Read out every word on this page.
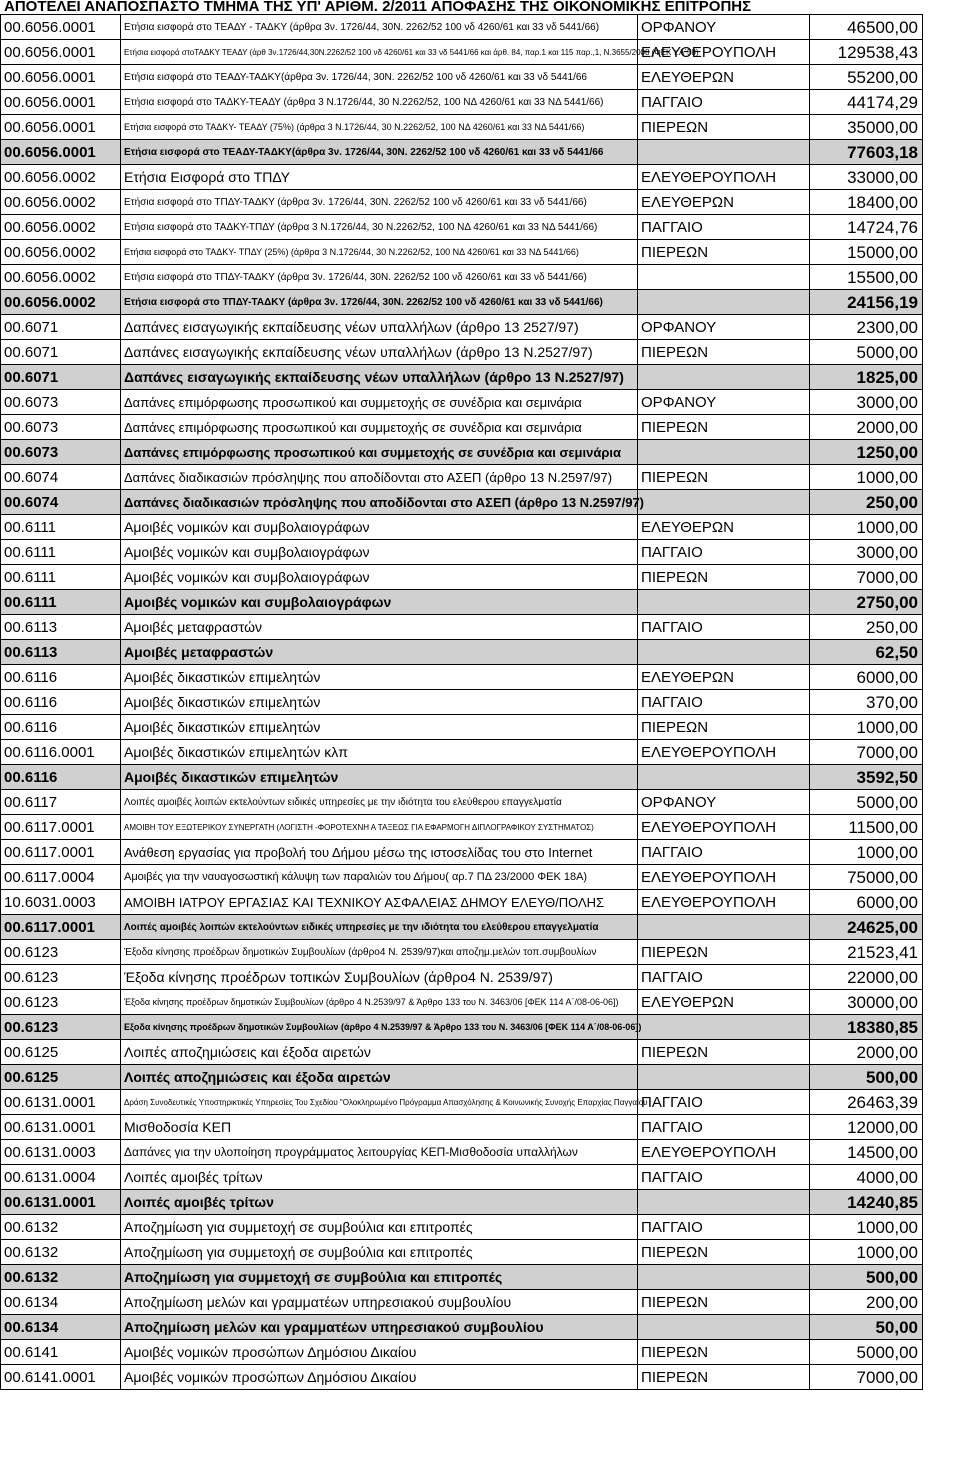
ΑΠΟΤΕΛΕΙ ΑΝΑΠΟΣΠΑΣΤΟ ΤΜΗΜΑ ΤΗΣ ΥΠ' ΑΡΙΘΜ. 2/2011 ΑΠΟΦΑΣΗΣ ΤΗΣ ΟΙΚΟΝΟΜΙΚΗΣ ΕΠΙΤΡΟΠΗΣ
00.6056.0001	Ετήσια εισφορά στο ΤΕΑΔΥ - ΤΑΔΚΥ (άρθρα 3ν. 1726/44, 30Ν. 2262/52 100 νδ 4260/61 και 33 νδ 5441/66)	ΟΡΦΑΝΟΥ	46500,00
00.6056.0001	Ετήσια εισφορά στοΤΑΔΚΥ ΤΕΑΔΥ (άρθ 3ν.1726/44,30Ν.2262/52 100 νδ 4260/61 και 33 νδ 5441/66 και άρθ. 84, παρ.1 και 115 παρ.,1, Ν.3655/2008 (ΦΕΚ τ.Α΄58)	ΕΛΕΥΘΕΡΟΥΠΟΛΗ	129538,43
00.6056.0001	Ετήσια εισφορά στο ΤΕΑΔΥ-ΤΑΔΚΥ(άρθρα 3ν. 1726/44, 30Ν. 2262/52 100 νδ 4260/61 και 33 νδ 5441/66	ΕΛΕΥΘΕΡΩΝ	55200,00
00.6056.0001	Ετήσια εισφορά στο ΤΑΔΚΥ-ΤΕΑΔΥ (άρθρα 3 Ν.1726/44, 30 Ν.2262/52, 100 ΝΔ 4260/61 και 33 ΝΔ 5441/66)	ΠΑΓΓΑΙΟ	44174,29
00.6056.0001	Ετήσια εισφορά στο ΤΑΔΚΥ- ΤΕΑΔΥ (75%) (άρθρα 3 Ν.1726/44, 30 Ν.2262/52, 100 ΝΔ 4260/61 και 33 ΝΔ 5441/66)	ΠΙΕΡΕΩΝ	35000,00
00.6056.0001	Ετήσια εισφορά στο ΤΕΑΔΥ-ΤΑΔΚΥ(άρθρα 3ν. 1726/44, 30Ν. 2262/52 100 νδ 4260/61 και 33 νδ 5441/66		77603,18
00.6056.0002	Ετήσια Εισφορά στο ΤΠΔΥ	ΕΛΕΥΘΕΡΟΥΠΟΛΗ	33000,00
00.6056.0002	Ετήσια εισφορά στο ΤΠΔΥ-ΤΑΔΚΥ (άρθρα 3ν. 1726/44, 30Ν. 2262/52 100 νδ 4260/61 και 33 νδ 5441/66)	ΕΛΕΥΘΕΡΩΝ	18400,00
00.6056.0002	Ετήσια εισφορά στο ΤΑΔΚΥ-ΤΠΔΥ (άρθρα 3 Ν.1726/44, 30 Ν.2262/52, 100 ΝΔ 4260/61 και 33 ΝΔ 5441/66)	ΠΑΓΓΑΙΟ	14724,76
00.6056.0002	Ετήσια εισφορά στο ΤΑΔΚΥ- ΤΠΔΥ (25%) (άρθρα 3 Ν.1726/44, 30 Ν.2262/52, 100 ΝΔ 4260/61 και 33 ΝΔ 5441/66)	ΠΙΕΡΕΩΝ	15000,00
00.6056.0002	Ετήσια εισφορά στο ΤΠΔΥ-ΤΑΔΚΥ (άρθρα 3ν. 1726/44, 30Ν. 2262/52 100 νδ 4260/61 και 33 νδ 5441/66)		15500,00
00.6056.0002	Ετήσια εισφορά στο ΤΠΔΥ-ΤΑΔΚΥ (άρθρα 3ν. 1726/44, 30Ν. 2262/52 100 νδ 4260/61 και 33 νδ 5441/66)		24156,19
00.6071	Δαπάνες εισαγωγικής εκπαίδευσης νέων υπαλλήλων (άρθρο 13 2527/97)	ΟΡΦΑΝΟΥ	2300,00
00.6071	Δαπάνες εισαγωγικής εκπαίδευσης νέων υπαλλήλων (άρθρο 13 Ν.2527/97)	ΠΙΕΡΕΩΝ	5000,00
00.6071	Δαπάνες εισαγωγικής εκπαίδευσης νέων υπαλλήλων (άρθρο 13 Ν.2527/97)		1825,00
00.6073	Δαπάνες επιμόρφωσης προσωπικού και συμμετοχής σε συνέδρια και σεμινάρια	ΟΡΦΑΝΟΥ	3000,00
00.6073	Δαπάνες επιμόρφωσης προσωπικού και συμμετοχής σε συνέδρια και σεμινάρια	ΠΙΕΡΕΩΝ	2000,00
00.6073	Δαπάνες επιμόρφωσης προσωπικού και συμμετοχής σε συνέδρια και σεμινάρια		1250,00
00.6074	Δαπάνες διαδικασιών πρόσληψης που αποδίδονται στο ΑΣΕΠ (άρθρο 13 Ν.2597/97)	ΠΙΕΡΕΩΝ	1000,00
00.6074	Δαπάνες διαδικασιών πρόσληψης που αποδίδονται στο ΑΣΕΠ (άρθρο 13 Ν.2597/97)		250,00
00.6111	Αμοιβές νομικών και συμβολαιογράφων	ΕΛΕΥΘΕΡΩΝ	1000,00
00.6111	Αμοιβές νομικών και συμβολαιογράφων	ΠΑΓΓΑΙΟ	3000,00
00.6111	Αμοιβές νομικών και συμβολαιογράφων	ΠΙΕΡΕΩΝ	7000,00
00.6111	Αμοιβές νομικών και συμβολαιογράφων		2750,00
00.6113	Αμοιβές μεταφραστών	ΠΑΓΓΑΙΟ	250,00
00.6113	Αμοιβές μεταφραστών		62,50
00.6116	Αμοιβές δικαστικών επιμελητών	ΕΛΕΥΘΕΡΩΝ	6000,00
00.6116	Αμοιβές δικαστικών επιμελητών	ΠΑΓΓΑΙΟ	370,00
00.6116	Αμοιβές δικαστικών επιμελητών	ΠΙΕΡΕΩΝ	1000,00
00.6116.0001	Αμοιβές δικαστικών επιμελητών κλπ	ΕΛΕΥΘΕΡΟΥΠΟΛΗ	7000,00
00.6116	Αμοιβές δικαστικών επιμελητών		3592,50
00.6117	Λοιπές αμοιβές λοιπών εκτελούντων ειδικές υπηρεσίες με την ιδιότητα του ελεύθερου επαγγελματία	ΟΡΦΑΝΟΥ	5000,00
00.6117.0001	ΑΜΟΙΒΗ ΤΟΥ ΕΞΩΤΕΡΙΚΟΥ ΣΥΝΕΡΓΑΤΗ (ΛΟΓΙΣΤΗ -ΦΟΡΟΤΕΧΝΗ Α ΤΑΞΕΩΣ ΓΙΑ ΕΦΑΡΜΟΓΗ ΔΙΠΛΟΓΡΑΦΙΚΟΥ ΣΥΣΤΗΜΑΤΟΣ)	ΕΛΕΥΘΕΡΟΥΠΟΛΗ	11500,00
00.6117.0001	Ανάθεση εργασίας για προβολή του Δήμου μέσω της ιστοσελίδας του στο Internet	ΠΑΓΓΑΙΟ	1000,00
00.6117.0004	Αμοιβές για την ναυαγοσωστική κάλυψη των παραλιών του Δήμου( αρ.7 ΠΔ 23/2000 ΦΕΚ 18Α)	ΕΛΕΥΘΕΡΟΥΠΟΛΗ	75000,00
10.6031.0003	ΑΜΟΙΒΗ ΙΑΤΡΟΥ ΕΡΓΑΣΙΑΣ ΚΑΙ ΤΕΧΝΙΚΟΥ ΑΣΦΑΛΕΙΑΣ ΔΗΜΟΥ ΕΛΕΥΘ/ΠΟΛΗΣ	ΕΛΕΥΘΕΡΟΥΠΟΛΗ	6000,00
00.6117.0001	Λοιπές αμοιβές λοιπών εκτελούντων ειδικές υπηρεσίες με την ιδιότητα του ελεύθερου επαγγελματία		24625,00
00.6123	Έξοδα κίνησης προέδρων δημοτικών Συμβουλίων (άρθρο4 Ν. 2539/97)και αποζημ.μελών τοπ.συμβουλίων	ΠΙΕΡΕΩΝ	21523,41
00.6123	Έξοδα κίνησης προέδρων τοπικών Συμβουλίων (άρθρο4 Ν. 2539/97)	ΠΑΓΓΑΙΟ	22000,00
00.6123	Έξοδα κίνησης προέδρων δημοτικών Συμβουλίων (άρθρο 4 Ν.2539/97 & Άρθρο 133 του Ν. 3463/06 [ΦΕΚ 114 Α΄/08-06-06])	ΕΛΕΥΘΕΡΩΝ	30000,00
00.6123	Εξοδα κίνησης προέδρων δημοτικών Συμβουλίων (άρθρο 4 Ν.2539/97 & Άρθρο 133 του Ν. 3463/06 [ΦΕΚ 114 Α΄/08-06-06])		18380,85
00.6125	Λοιπές αποζημιώσεις και έξοδα αιρετών	ΠΙΕΡΕΩΝ	2000,00
00.6125	Λοιπές αποζημιώσεις και έξοδα αιρετών		500,00
00.6131.0001	Δράση Συνοδευτικές Υποστηρικτικές Υπηρεσίες Του Σχεδίου "Ολοκληρωμένο Πρόγραμμα Απασχόλησης & Κοινωνικής Συνοχής Επαρχίας Παγγαίου	ΠΑΓΓΑΙΟ	26463,39
00.6131.0001	Μισθοδοσία ΚΕΠ	ΠΑΓΓΑΙΟ	12000,00
00.6131.0003	Δαπάνες για την υλοποίηση προγράμματος λειτουργίας ΚΕΠ-Μισθοδοσία υπαλλήλων	ΕΛΕΥΘΕΡΟΥΠΟΛΗ	14500,00
00.6131.0004	Λοιπές αμοιβές τρίτων	ΠΑΓΓΑΙΟ	4000,00
00.6131.0001	Λοιπές αμοιβές τρίτων		14240,85
00.6132	Αποζημίωση για συμμετοχή σε συμβούλια και επιτροπές	ΠΑΓΓΑΙΟ	1000,00
00.6132	Αποζημίωση για συμμετοχή σε συμβούλια και επιτροπές	ΠΙΕΡΕΩΝ	1000,00
00.6132	Αποζημίωση για συμμετοχή σε συμβούλια και επιτροπές		500,00
00.6134	Αποζημίωση μελών και γραμματέων υπηρεσιακού συμβουλίου	ΠΙΕΡΕΩΝ	200,00
00.6134	Αποζημίωση μελών και γραμματέων υπηρεσιακού συμβουλίου		50,00
00.6141	Αμοιβές νομικών προσώπων Δημόσιου Δικαίου	ΠΙΕΡΕΩΝ	5000,00
00.6141.0001	Αμοιβές νομικών προσώπων Δημόσιου Δικαίου	ΠΙΕΡΕΩΝ	7000,00
